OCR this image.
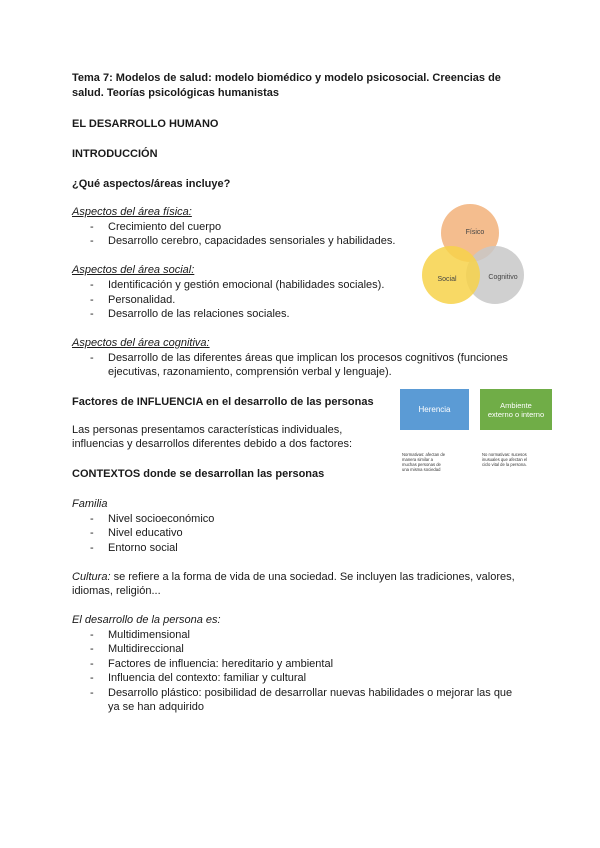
Tema 7: Modelos de salud: modelo biomédico y modelo psicosocial. Creencias de
salud. Teorías psicológicas humanistas
EL DESARROLLO HUMANO
INTRODUCCIÓN
¿Qué aspectos/áreas incluye?
Aspectos del área física:
- Crecimiento del cuerpo
- Desarrollo cerebro, capacidades sensoriales y habilidades.
Aspectos del área social:
- Identificación y gestión emocional (habilidades sociales).
- Personalidad.
- Desarrollo de las relaciones sociales.
Aspectos del área cognitiva:
- Desarrollo de las diferentes áreas que implican los procesos cognitivos (funciones
ejecutivas, razonamiento, comprensión verbal y lenguaje).
Físico
Social	Cognitivo
Factores de INFLUENCIA en el desarrollo de las personas
Las personas presentamos características individuales,
influencias y desarrollos diferentes debido a dos factores:
Herencia	Ambiente
externo o interno
Normativas: afectan de
manera similar a
muchas personas de
una misma sociedad
No normativas: sucesos
inusuales que afectan el
ciclo vital de la persona.
CONTEXTOS donde se desarrollan las personas
Familia
- Nivel socioeconómico
- Nivel educativo
- Entorno social
Cultura: se refiere a la forma de vida de una sociedad. Se incluyen las tradiciones, valores,
idiomas, religión...
El desarrollo de la persona es:
- Multidimensional
- Multidireccional
- Factores de influencia: hereditario y ambiental
- Influencia del contexto: familiar y cultural
- Desarrollo plástico: posibilidad de desarrollar nuevas habilidades o mejorar las que
ya se han adquirido
